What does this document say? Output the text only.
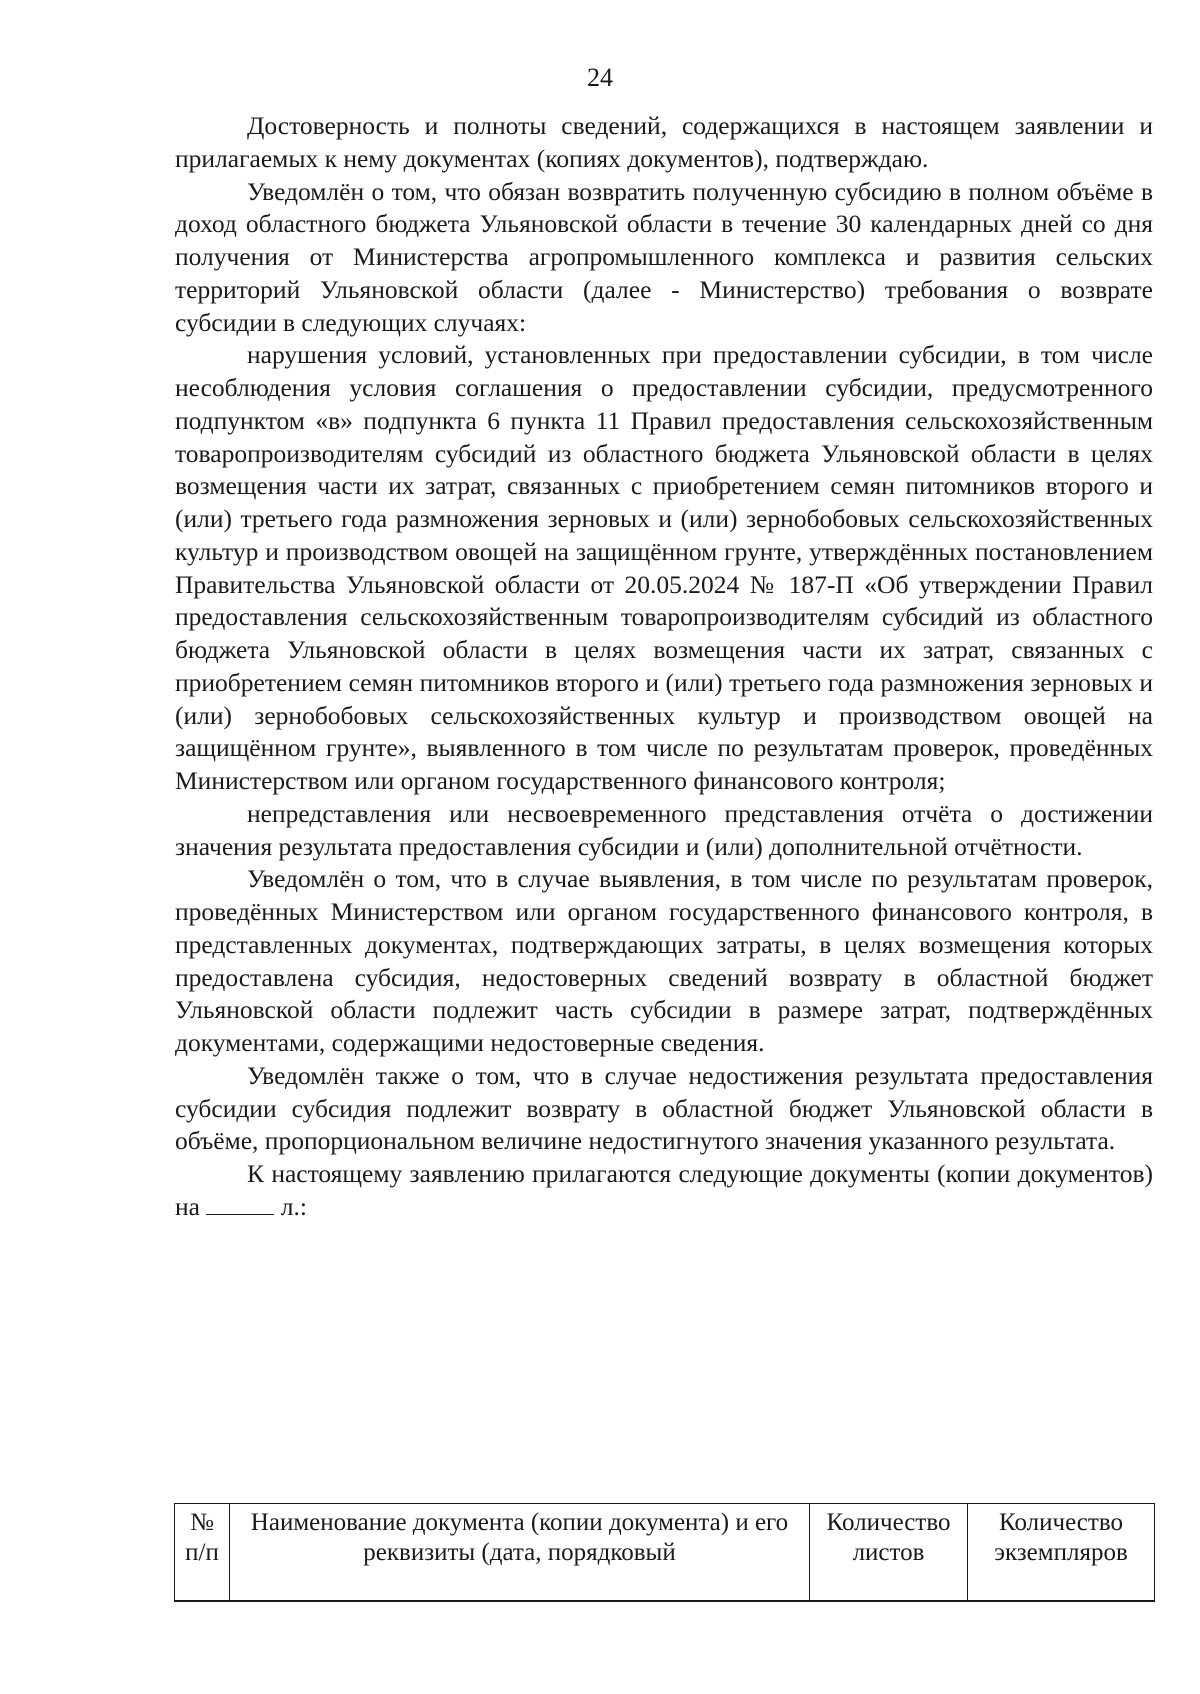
24

Достоверность и полноты сведений, содержащихся в настоящем заявлении и прилагаемых к нему документах (копиях документов), подтверждаю.

Уведомлён о том, что обязан возвратить полученную субсидию в полном объёме в доход областного бюджета Ульяновской области в течение 30 календарных дней со дня получения от Министерства агропромышленного комплекса и развития сельских территорий Ульяновской области (далее - Министерство) требования о возврате субсидии в следующих случаях:

нарушения условий, установленных при предоставлении субсидии, в том числе несоблюдения условия соглашения о предоставлении субсидии, предусмотренного подпунктом «в» подпункта 6 пункта 11 Правил предоставления сельскохозяйственным товаропроизводителям субсидий из областного бюджета Ульяновской области в целях возмещения части их затрат, связанных с приобретением семян питомников второго и (или) третьего года размножения зерновых и (или) зернобобовых сельскохозяйственных культур и производством овощей на защищённом грунте, утверждённых постановлением Правительства Ульяновской области от 20.05.2024 № 187-П «Об утверждении Правил предоставления сельскохозяйственным товаропроизводителям субсидий из областного бюджета Ульяновской области в целях возмещения части их затрат, связанных с приобретением семян питомников второго и (или) третьего года размножения зерновых и (или) зернобобовых сельскохозяйственных культур и производством овощей на защищённом грунте», выявленного в том числе по результатам проверок, проведённых Министерством или органом государственного финансового контроля;

непредставления или несвоевременного представления отчёта о достижении значения результата предоставления субсидии и (или) дополнительной отчётности.

Уведомлён о том, что в случае выявления, в том числе по результатам проверок, проведённых Министерством или органом государственного финансового контроля, в представленных документах, подтверждающих затраты, в целях возмещения которых предоставлена субсидия, недостоверных сведений возврату в областной бюджет Ульяновской области подлежит часть субсидии в размере затрат, подтверждённых документами, содержащими недостоверные сведения.

Уведомлён также о том, что в случае недостижения результата предоставления субсидии субсидия подлежит возврату в областной бюджет Ульяновской области в объёме, пропорциональном величине недостигнутого значения указанного результата.

К настоящему заявлению прилагаются следующие документы (копии документов) на	л.:

№ п/п	Наименование документа (копии документа) и его реквизиты (дата, порядковый	Количество листов	Количество экземпляров
